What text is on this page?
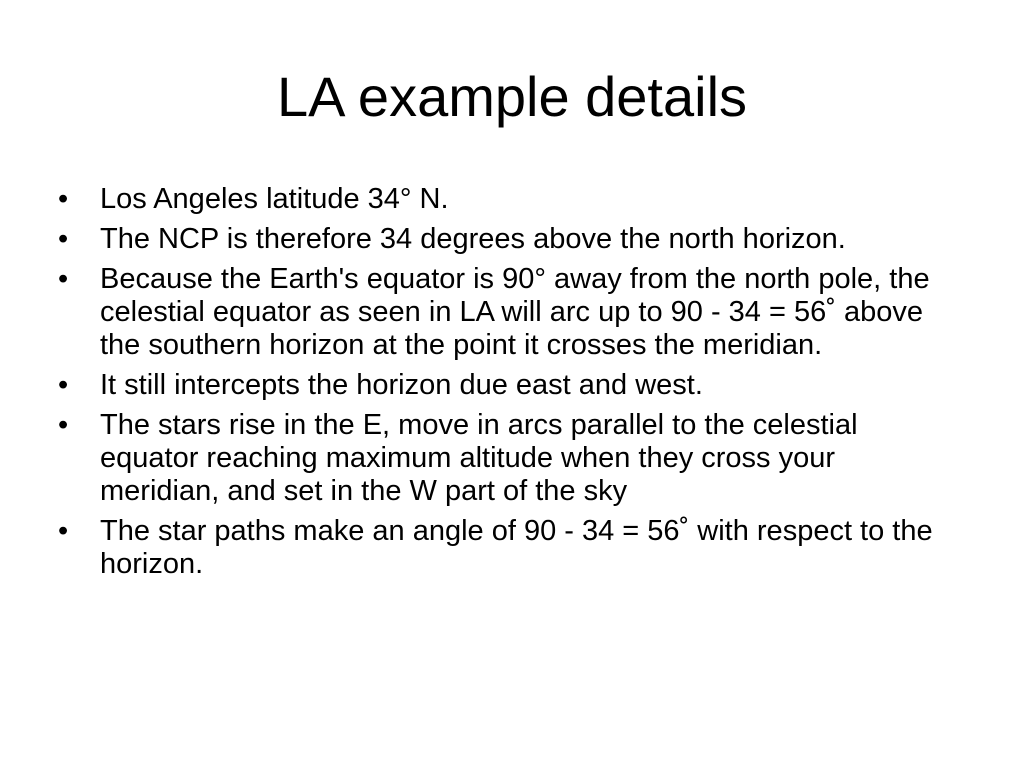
LA example details
•	Los Angeles latitude 34° N.
•	The NCP is therefore 34 degrees above the north horizon.
•	Because the Earth's equator is 90° away from the north pole, the celestial equator as seen in LA will arc up to 90 - 34 = 56˚ above the southern horizon at the point it crosses the meridian.
•	It still intercepts the horizon due east and west.
•	The stars rise in the E, move in arcs parallel to the celestial equator reaching maximum altitude when they cross your meridian, and set in the W part of the sky
•	The star paths make an angle of 90 - 34 = 56˚ with respect to the horizon.
